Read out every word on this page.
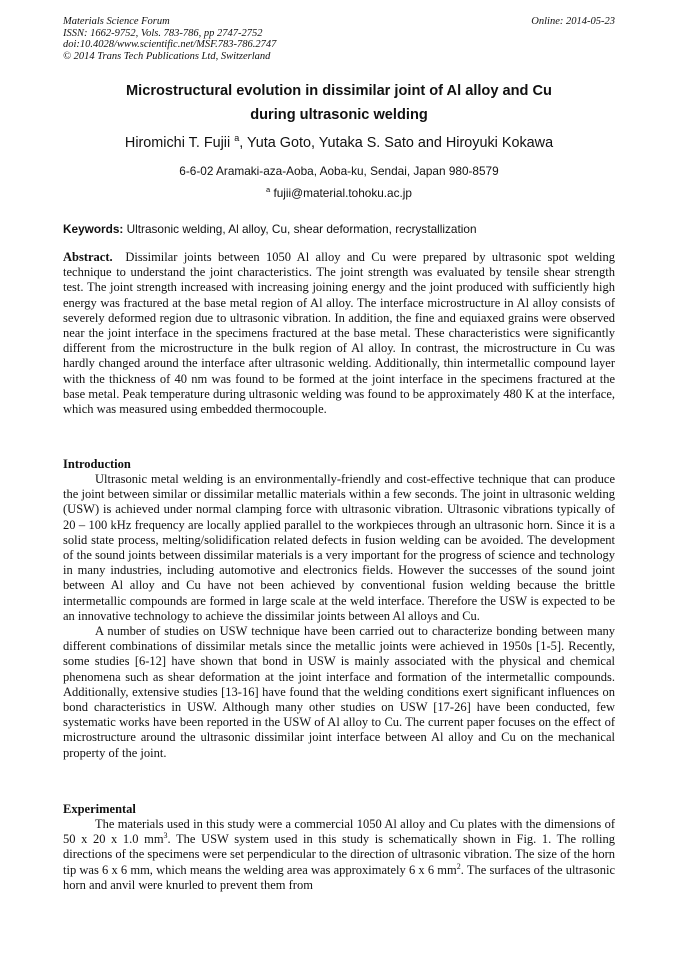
Materials Science Forum	Online: 2014-05-23
ISSN: 1662-9752, Vols. 783-786, pp 2747-2752
doi:10.4028/www.scientific.net/MSF.783-786.2747
© 2014 Trans Tech Publications Ltd, Switzerland
Microstructural evolution in dissimilar joint of Al alloy and Cu
during ultrasonic welding
Hiromichi T. Fujii $^a$, Yuta Goto, Yutaka S. Sato and Hiroyuki Kokawa
6-6-02 Aramaki-aza-Aoba, Aoba-ku, Sendai, Japan 980-8579
$^a$ fujii@material.tohoku.ac.jp
Keywords: Ultrasonic welding, Al alloy, Cu, shear deformation, recrystallization

Abstract. Dissimilar joints between 1050 Al alloy and Cu were prepared by ultrasonic spot welding technique to understand the joint characteristics. The joint strength was evaluated by tensile shear strength test. The joint strength increased with increasing joining energy and the joint produced with sufficiently high energy was fractured at the base metal region of Al alloy. The interface microstructure in Al alloy consists of severely deformed region due to ultrasonic vibration. In addition, the fine and equiaxed grains were observed near the joint interface in the specimens fractured at the base metal. These characteristics were significantly different from the microstructure in the bulk region of Al alloy. In contrast, the microstructure in Cu was hardly changed around the interface after ultrasonic welding. Additionally, thin intermetallic compound layer with the thickness of 40 nm was found to be formed at the joint interface in the specimens fractured at the base metal. Peak temperature during ultrasonic welding was found to be approximately 480 K at the interface, which was measured using embedded thermocouple.

Introduction

Ultrasonic metal welding is an environmentally-friendly and cost-effective technique that can produce the joint between similar or dissimilar metallic materials within a few seconds. The joint in ultrasonic welding (USW) is achieved under normal clamping force with ultrasonic vibration. Ultrasonic vibrations typically of 20 – 100 kHz frequency are locally applied parallel to the workpieces through an ultrasonic horn. Since it is a solid state process, melting/solidification related defects in fusion welding can be avoided. The development of the sound joints between dissimilar materials is a very important for the progress of science and technology in many industries, including automotive and electronics fields. However the successes of the sound joint between Al alloy and Cu have not been achieved by conventional fusion welding because the brittle intermetallic compounds are formed in large scale at the weld interface. Therefore the USW is expected to be an innovative technology to achieve the dissimilar joints between Al alloys and Cu.

A number of studies on USW technique have been carried out to characterize bonding between many different combinations of dissimilar metals since the metallic joints were achieved in 1950s [1-5]. Recently, some studies [6-12] have shown that bond in USW is mainly associated with the physical and chemical phenomena such as shear deformation at the joint interface and formation of the intermetallic compounds. Additionally, extensive studies [13-16] have found that the welding conditions exert significant influences on bond characteristics in USW. Although many other studies on USW [17-26] have been conducted, few systematic works have been reported in the USW of Al alloy to Cu. The current paper focuses on the effect of microstructure around the ultrasonic dissimilar joint interface between Al alloy and Cu on the mechanical property of the joint.

Experimental

The materials used in this study were a commercial 1050 Al alloy and Cu plates with the dimensions of 50 x 20 x 1.0 $mm^3$. The USW system used in this study is schematically shown in Fig. 1. The rolling directions of the specimens were set perpendicular to the direction of ultrasonic vibration. The size of the horn tip was 6 x 6 mm, which means the welding area was approximately 6 x 6 $mm^2$. The surfaces of the ultrasonic horn and anvil were knurled to prevent them from
